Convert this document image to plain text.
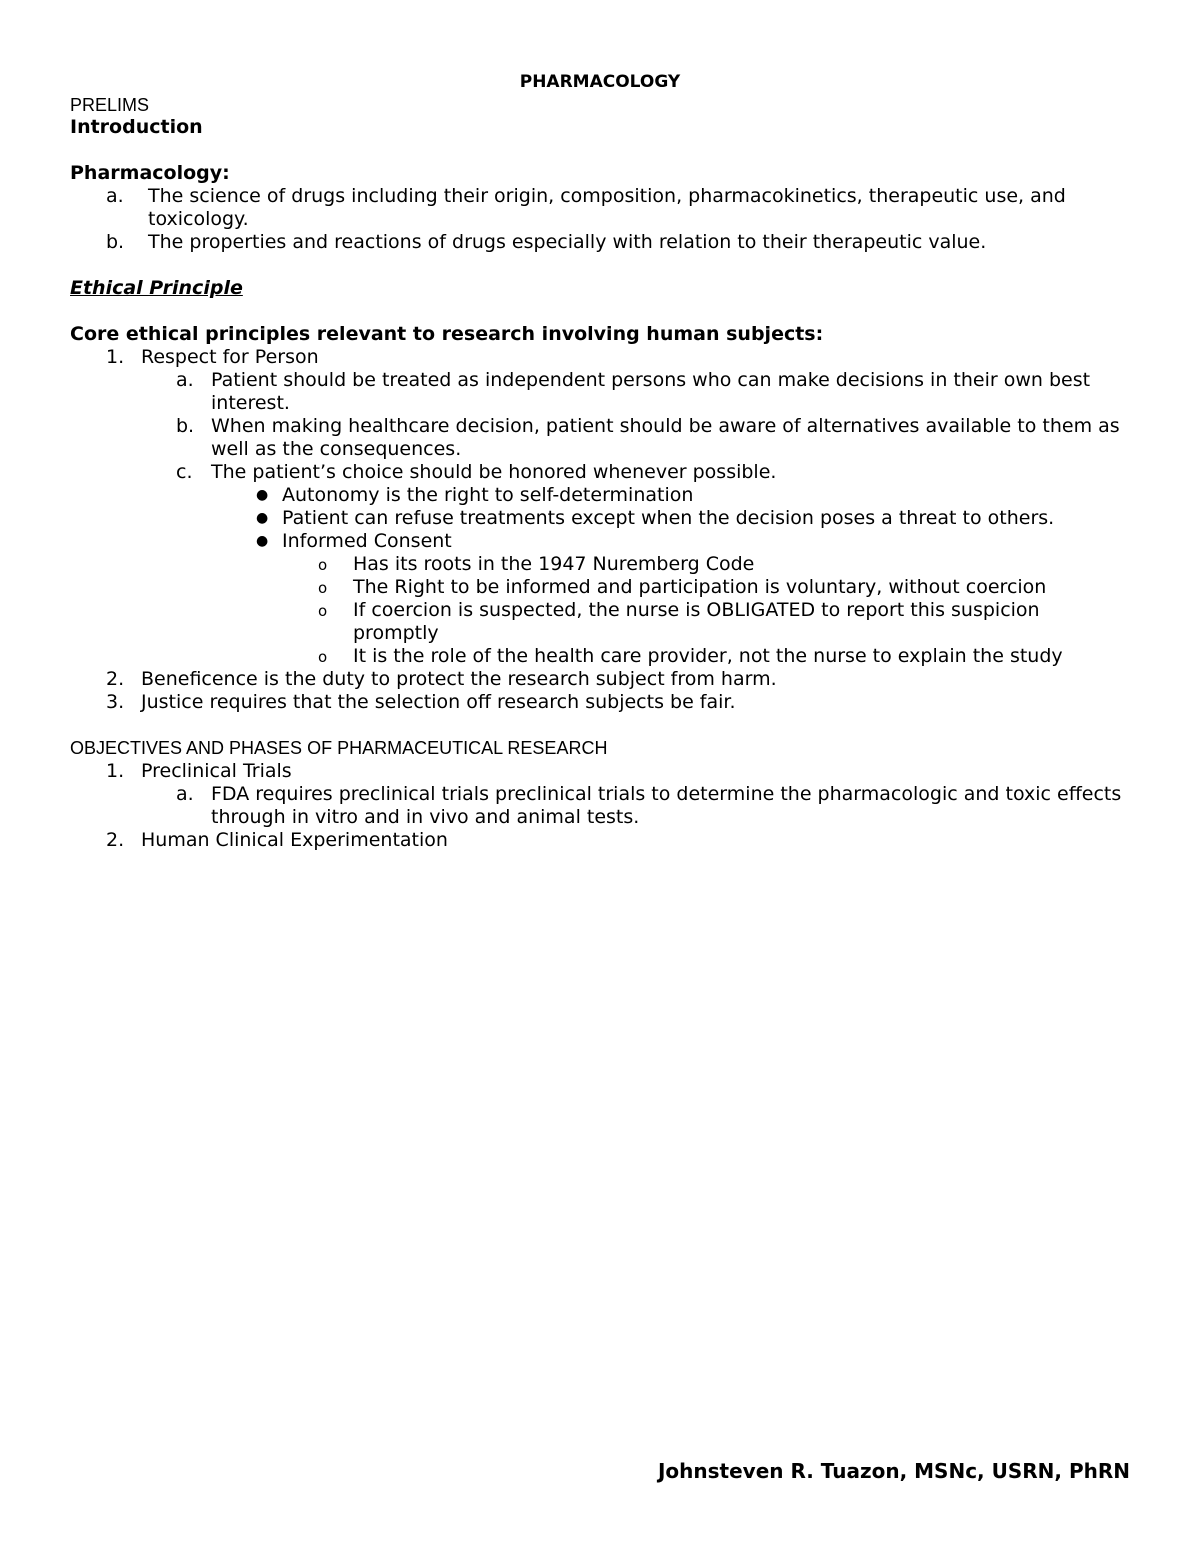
PHARMACOLOGY

PRELIMS

Introduction

Pharmacology:

a. The science of drugs including their origin, composition, pharmacokinetics, therapeutic use, and toxicology.
b. The properties and reactions of drugs especially with relation to their therapeutic value.

Ethical Principle

Core ethical principles relevant to research involving human subjects:

1. Respect for Person
a. Patient should be treated as independent persons who can make decisions in their own best interest.
b. When making healthcare decision, patient should be aware of alternatives available to them as well as the consequences.
c. The patient’s choice should be honored whenever possible.
● Autonomy is the right to self-determination
● Patient can refuse treatments except when the decision poses a threat to others.
● Informed Consent
o Has its roots in the 1947 Nuremberg Code
o The Right to be informed and participation is voluntary, without coercion
o If coercion is suspected, the nurse is OBLIGATED to report this suspicion promptly
o It is the role of the health care provider, not the nurse to explain the study
2. Beneficence is the duty to protect the research subject from harm.
3. Justice requires that the selection off research subjects be fair.

OBJECTIVES AND PHASES OF PHARMACEUTICAL RESEARCH

1. Preclinical Trials
a. FDA requires preclinical trials preclinical trials to determine the pharmacologic and toxic effects through in vitro and in vivo and animal tests.
2. Human Clinical Experimentation
Johnsteven R. Tuazon, MSNc, USRN, PhRN
